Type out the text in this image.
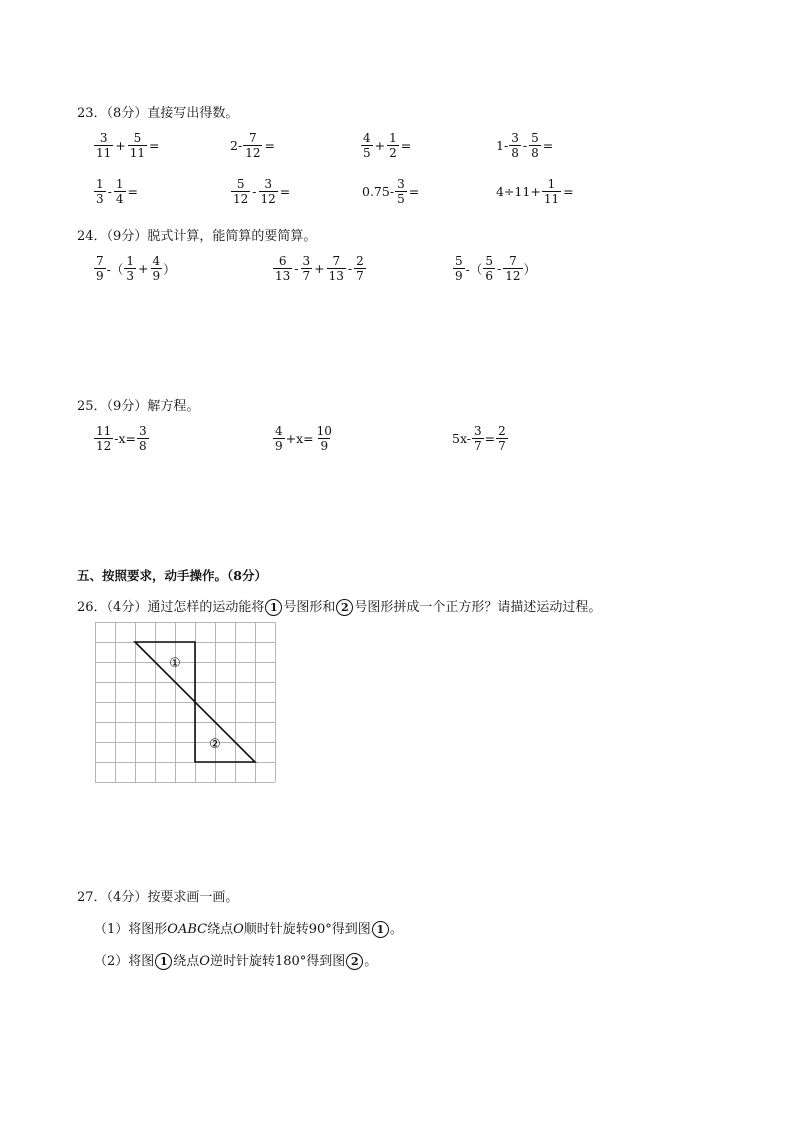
23．（8分）直接写出得数。
$\frac{3}{11} + \frac{5}{11}$ =	$2- \frac{7}{12}$ =	$\frac{4}{5} + \frac{1}{2}$ =	$1- \frac{3}{8} - \frac{5}{8}$ =
$\frac{1}{3} - \frac{1}{4}$ =	$\frac{5}{12} - \frac{3}{12}$ =	$0.75- \frac{3}{5}$ =	$4\div 11+ \frac{1}{11}$ =
24．（9分）脱式计算，能简算的要简算。
$\frac{7}{9}$ -（ $\frac{1}{3} + \frac{4}{9}$ ）	$\frac{6}{13} - \frac{3}{7} + \frac{7}{13} - \frac{2}{7}$	$\frac{5}{9}$ -（ $\frac{5}{6} - \frac{7}{12}$ ）
25．（9分）解方程。
$\frac{11}{12} -x= \frac{3}{8}$	$\frac{4}{9} +x= \frac{10}{9}$	$5x- \frac{3}{7} = \frac{2}{7}$
五、按照要求，动手操作。（8分）
26．（4分）通过怎样的运动能将 1 号图形和 2 号图形拼成一个正方形？请描述运动过程。
①
②
27．（4分）按要求画一画。
（1）将图形OABC绕点O顺时针旋转90°得到图 1 。
（2）将图 1 绕点O逆时针旋转180°得到图 2 。
